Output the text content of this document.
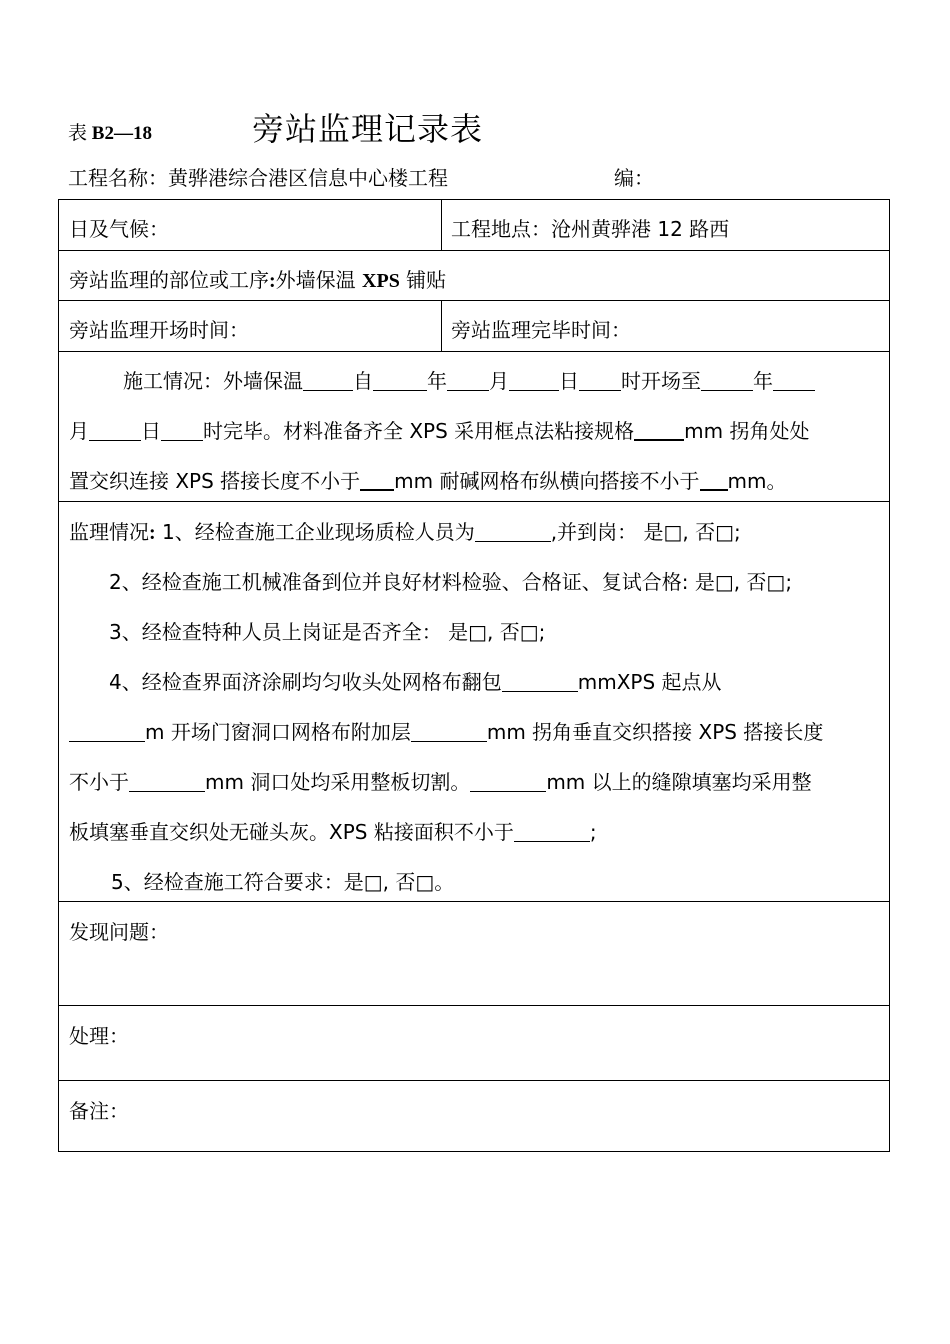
表 B2—18	旁站监理记录表
工程名称：黄骅港综合港区信息中心楼工程	编：
日及气候：	工程地点：沧州黄骅港 12 路西
旁站监理的部位或工序:外墙保温 XPS 铺贴
旁站监理开场时间：	旁站监理完毕时间：
施工情况：外墙保温	自	年 月	日 时开场至	年
月	日 时完毕。材料准备齐全 XPS 采用框点法粘接规格	mm 拐角处处
置交织连接 XPS 搭接长度不小于 mm 耐碱网格布纵横向搭接不小于 mm。
监理情况: 1、经检查施工企业现场质检人员为	,并到岗： 是□, 否□;
2、经检查施工机械准备到位并良好材料检验、合格证、复试合格: 是□, 否□;
3、经检查特种人员上岗证是否齐全： 是□, 否□;
4、经检查界面济涂刷均匀收头处网格布翻包	mmXPS 起点从
m 开场门窗洞口网格布附加层	mm 拐角垂直交织搭接 XPS 搭接长度
不小于	mm 洞口处均采用整板切割。	mm 以上的缝隙填塞均采用整
板填塞垂直交织处无碰头灰。XPS 粘接面积不小于	;
5、经检查施工符合要求：是□, 否□。
发现问题：
处理：
备注：
